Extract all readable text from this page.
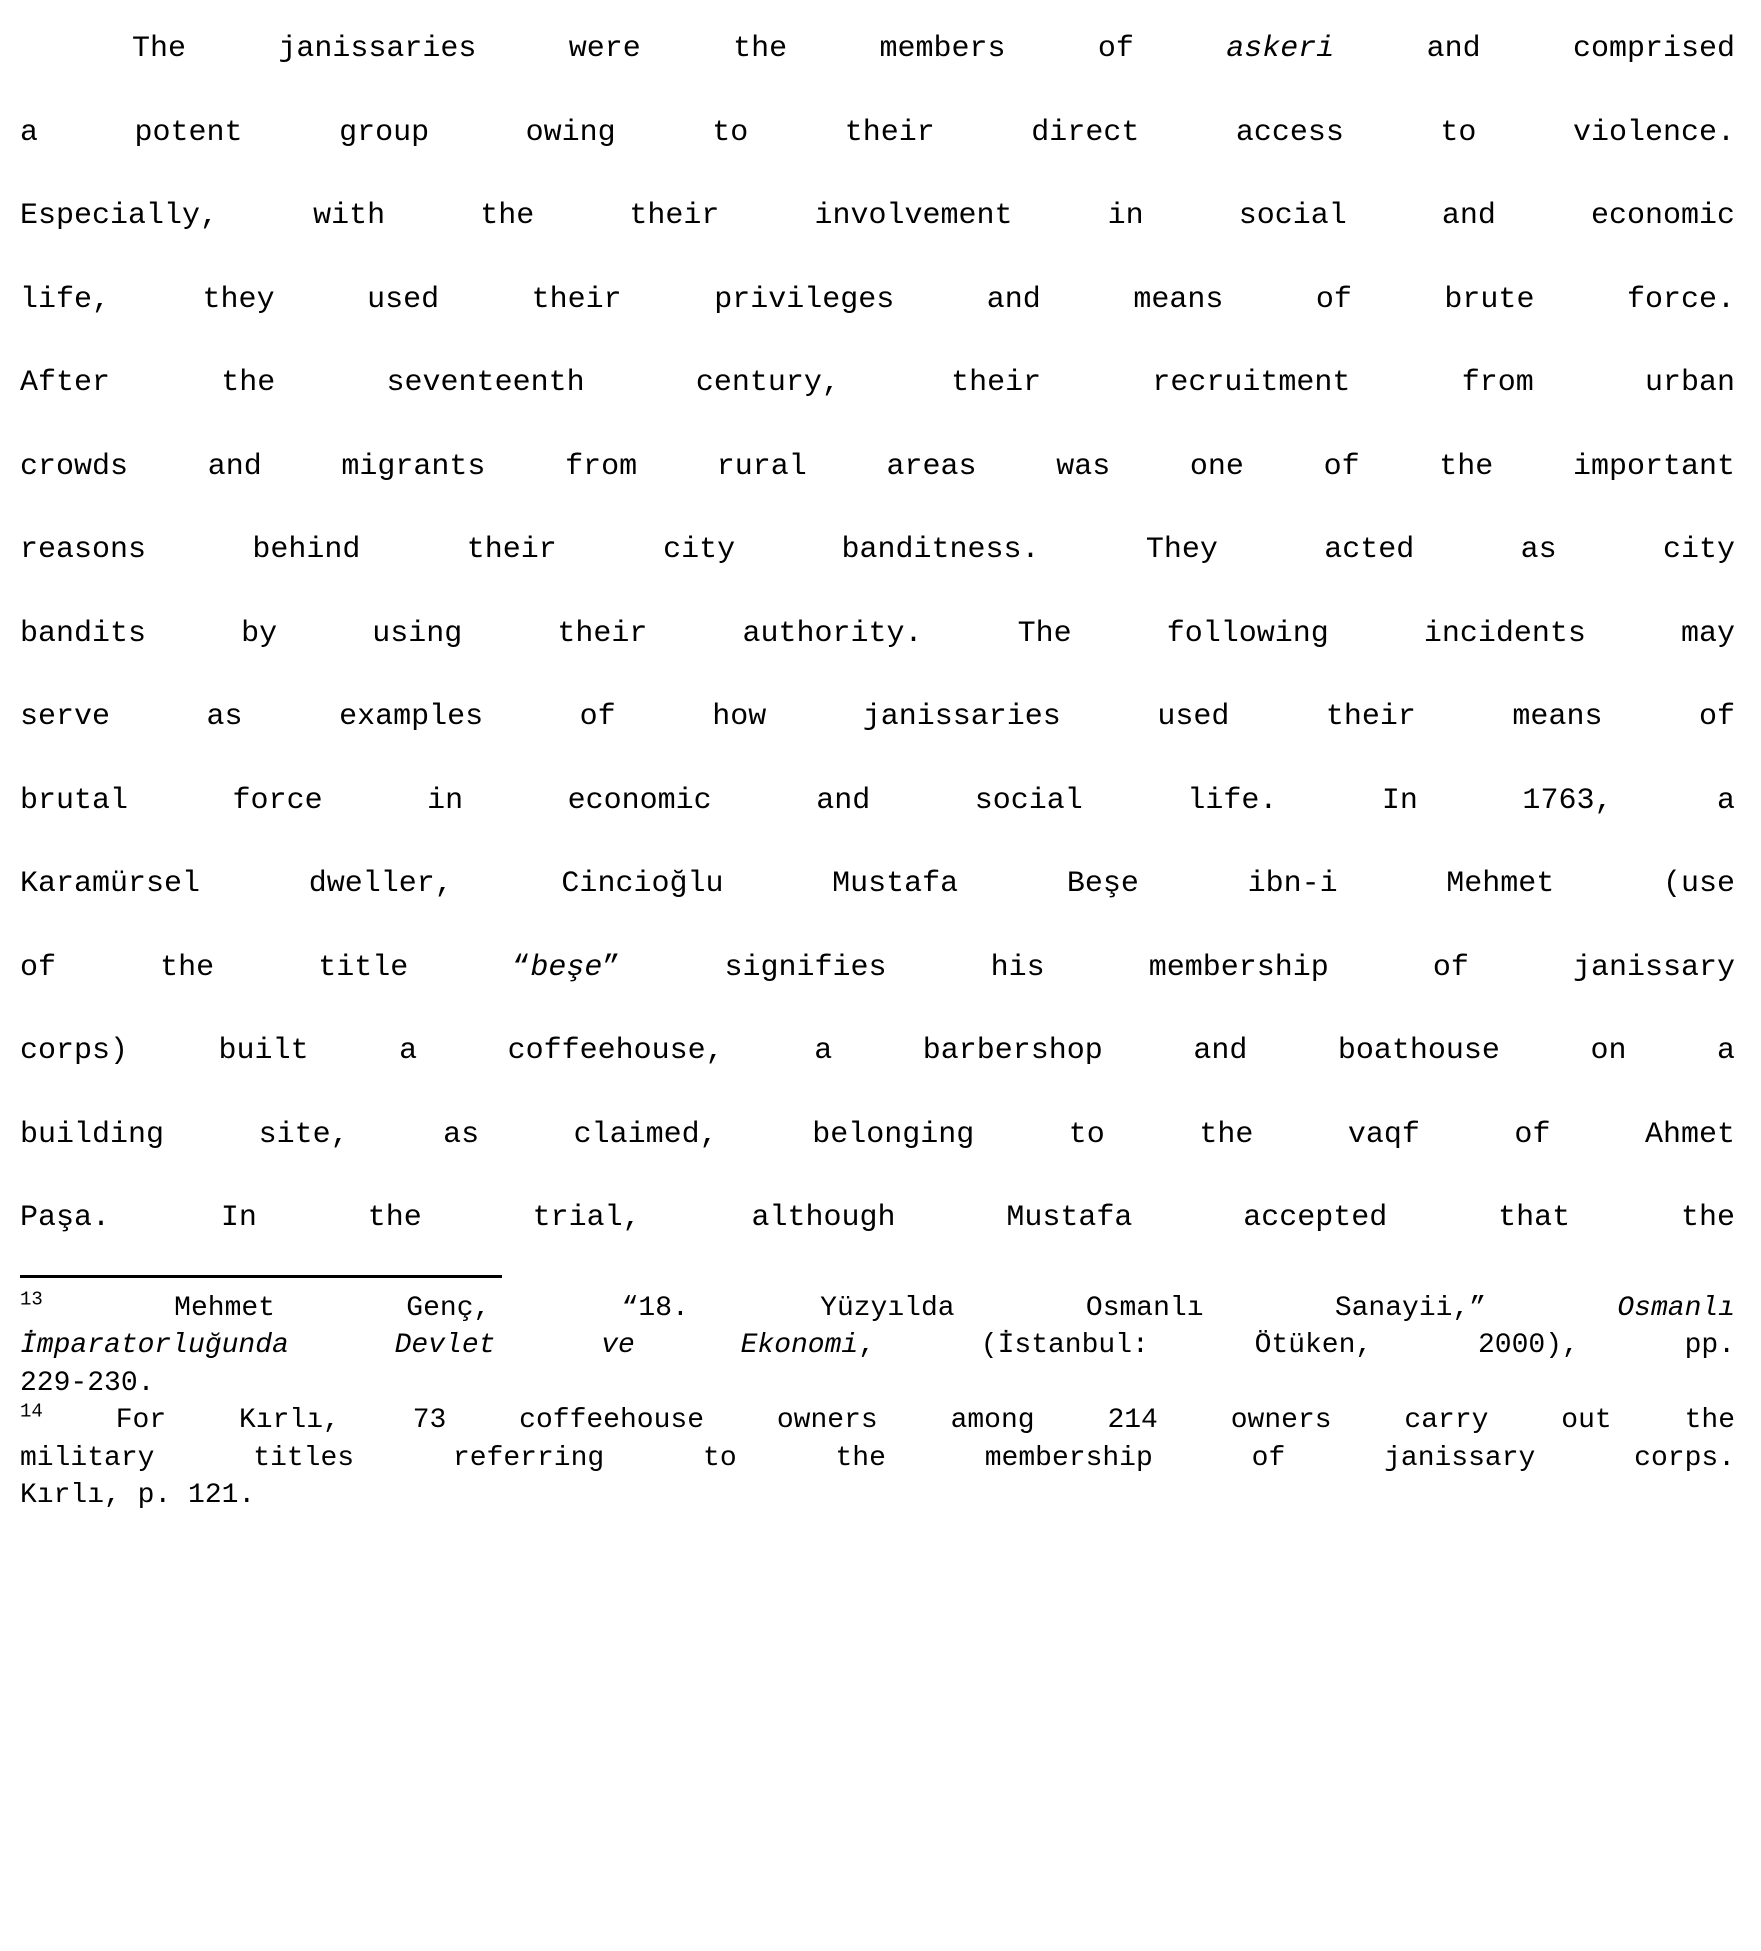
The janissaries were the members of askeri and comprised
a potent group owing to their direct access to violence.
Especially, with the their involvement in social and economic
life, they used their privileges and means of brute force.
After the seventeenth century, their recruitment from urban
crowds and migrants from rural areas was one of the important
reasons behind their city banditness. They acted as city
bandits by using their authority. The following incidents may
serve as examples of how janissaries used their means of
brutal force in economic and social life. In 1763, a
Karamürsel dweller, Cincioğlu Mustafa Beşe ibn-i Mehmet (use
of the title “beşe” signifies his membership of janissary
corps) built a coffeehouse, a barbershop and boathouse on a
building site, as claimed, belonging to the vaqf of Ahmet
Paşa. In the trial, although Mustafa accepted that the
$^{13}$ Mehmet Genç, “18. Yüzyılda Osmanlı Sanayii,” Osmanlı
İmparatorluğunda Devlet ve Ekonomi, (İstanbul: Ötüken, 2000), pp.
229-230.
$^{14}$ For Kırlı, 73 coffeehouse owners among 214 owners carry out the
military titles referring to the membership of janissary corps.
Kırlı, p. 121.
